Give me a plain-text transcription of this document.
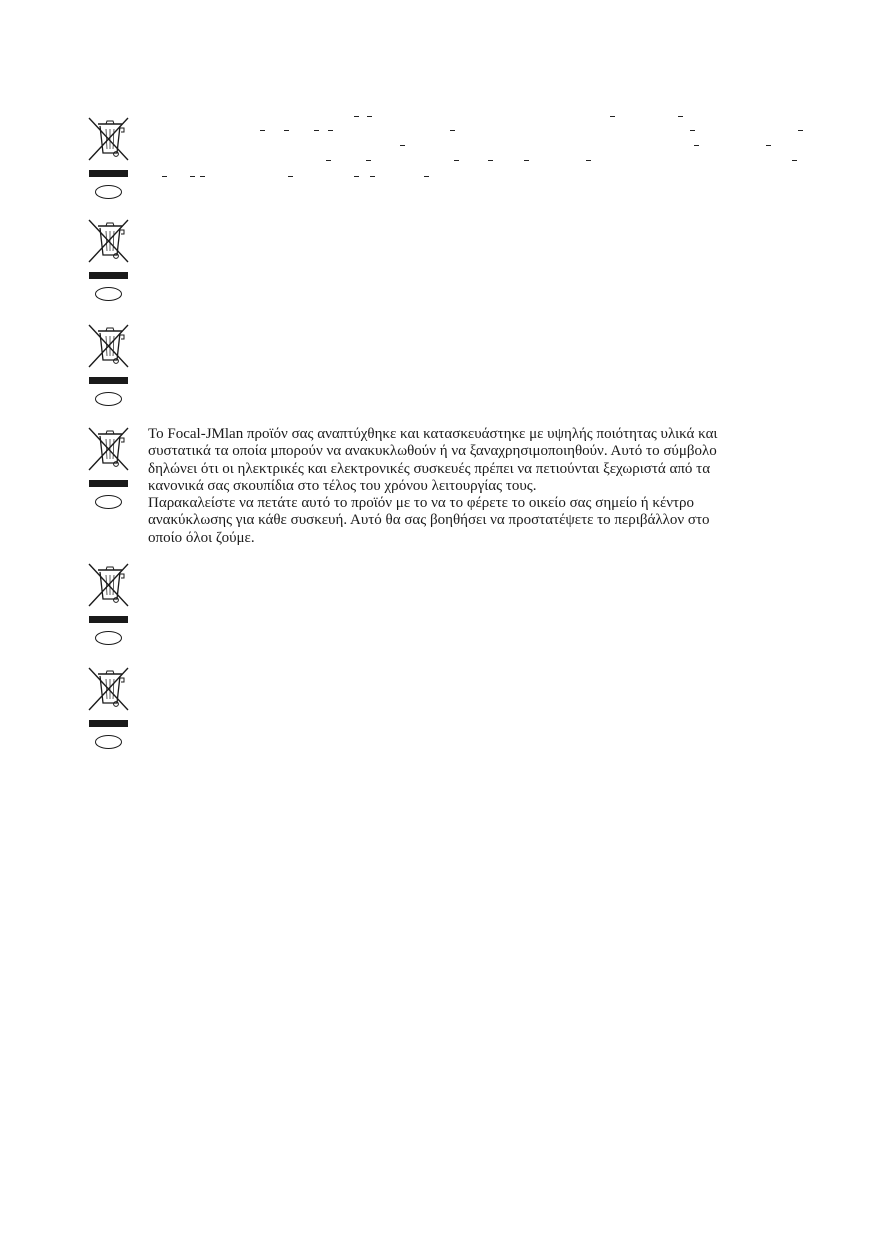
Το Focal-JMlan προϊόν σας αναπτύχθηκε και κατασκευάστηκε με υψηλής ποιότητας υλικά και

συστατικά τα οποία μπορούν να ανακυκλωθούν ή να ξαναχρησιμοποιηθούν. Αυτό το σύμβολο

δηλώνει ότι οι ηλεκτρικές και ελεκτρονικές συσκευές πρέπει να πετιούνται ξεχωριστά από τα

κανονικά σας σκουπίδια στο τέλος του χρόνου λειτουργίας τους.

Παρακαλείστε να πετάτε αυτό το προϊόν με το να το φέρετε το οικείο σας σημείο ή κέντρο

ανακύκλωσης για κάθε συσκευή. Αυτό θα σας βοηθήσει να προστατέψετε το περιβάλλον στο

οποίο όλοι ζούμε.
